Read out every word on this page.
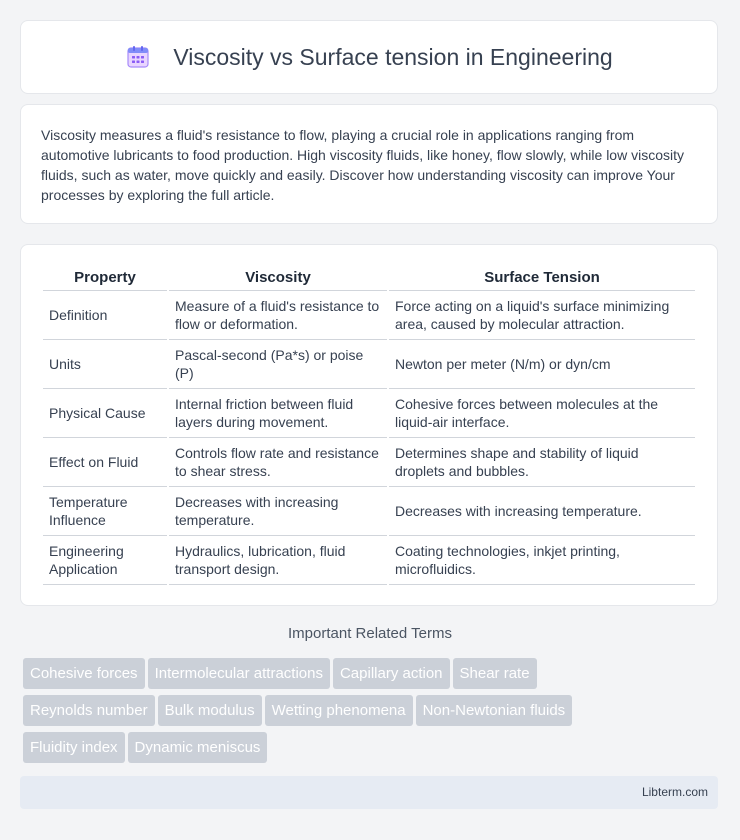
Viscosity vs Surface tension in Engineering

Viscosity measures a fluid's resistance to flow, playing a crucial role in applications ranging from automotive lubricants to food production. High viscosity fluids, like honey, flow slowly, while low viscosity fluids, such as water, move quickly and easily. Discover how understanding viscosity can improve Your processes by exploring the full article.

Property	Viscosity	Surface Tension
Definition	Measure of a fluid's resistance to flow or deformation.	Force acting on a liquid's surface minimizing area, caused by molecular attraction.
Units	Pascal-second (Pa*s) or poise (P)	Newton per meter (N/m) or dyn/cm
Physical Cause	Internal friction between fluid layers during movement.	Cohesive forces between molecules at the liquid-air interface.
Effect on Fluid	Controls flow rate and resistance to shear stress.	Determines shape and stability of liquid droplets and bubbles.
Temperature Influence	Decreases with increasing temperature.	Decreases with increasing temperature.
Engineering Application	Hydraulics, lubrication, fluid transport design.	Coating technologies, inkjet printing, microfluidics.
Important Related Terms
Cohesive forces Intermolecular attractions Capillary action Shear rate
Reynolds number Bulk modulus Wetting phenomena Non-Newtonian fluids
Fluidity index Dynamic meniscus
Libterm.com
